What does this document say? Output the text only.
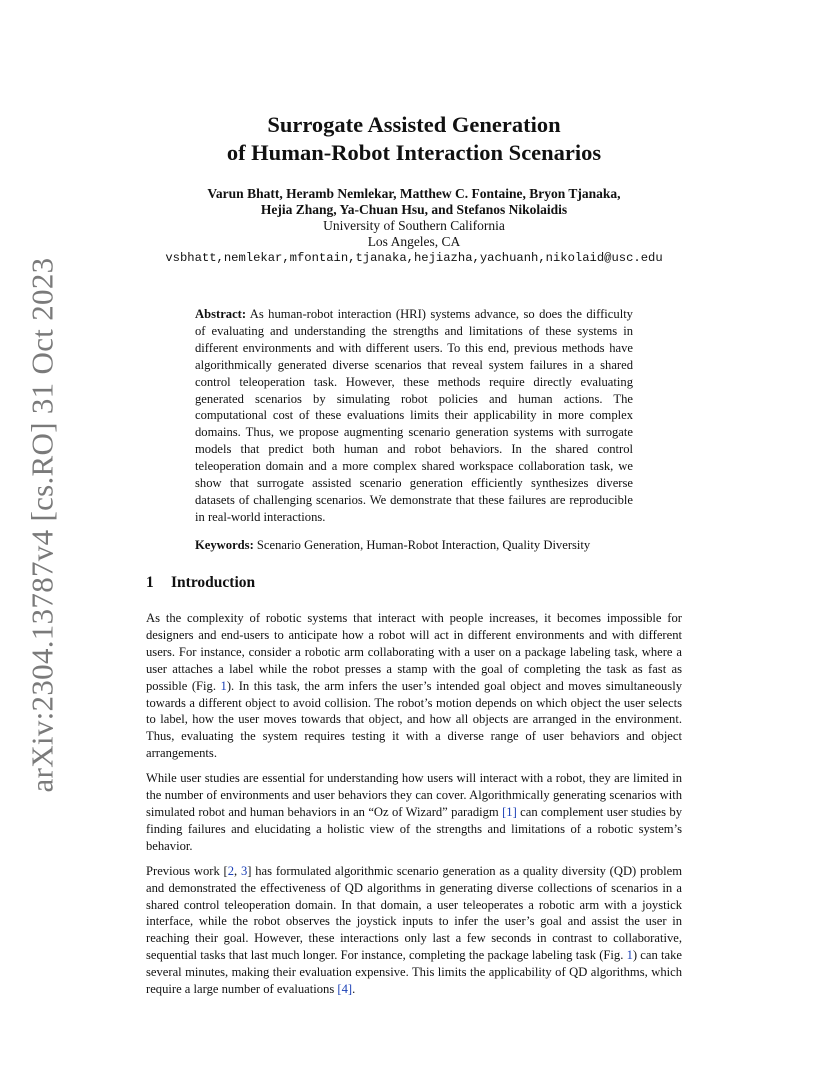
arXiv:2304.13787v4 [cs.RO] 31 Oct 2023
Surrogate Assisted Generation
of Human-Robot Interaction Scenarios
Varun Bhatt, Heramb Nemlekar, Matthew C. Fontaine, Bryon Tjanaka,
Hejia Zhang, Ya-Chuan Hsu, and Stefanos Nikolaidis
University of Southern California
Los Angeles, CA
vsbhatt,nemlekar,mfontain,tjanaka,hejiazha,yachuanh,nikolaid@usc.edu
Abstract: As human-robot interaction (HRI) systems advance, so does the difficulty of evaluating and understanding the strengths and limitations of these systems in different environments and with different users. To this end, previous methods have algorithmically generated diverse scenarios that reveal system failures in a shared control teleoperation task. However, these methods require directly evaluating generated scenarios by simulating robot policies and human actions. The computational cost of these evaluations limits their applicability in more complex domains. Thus, we propose augmenting scenario generation systems with surrogate models that predict both human and robot behaviors. In the shared control teleoperation domain and a more complex shared workspace collaboration task, we show that surrogate assisted scenario generation efficiently synthesizes diverse datasets of challenging scenarios. We demonstrate that these failures are reproducible in real-world interactions.
Keywords: Scenario Generation, Human-Robot Interaction, Quality Diversity
1 Introduction

As the complexity of robotic systems that interact with people increases, it becomes impossible for designers and end-users to anticipate how a robot will act in different environments and with different users. For instance, consider a robotic arm collaborating with a user on a package labeling task, where a user attaches a label while the robot presses a stamp with the goal of completing the task as fast as possible (Fig. 1). In this task, the arm infers the user’s intended goal object and moves simultaneously towards a different object to avoid collision. The robot’s motion depends on which object the user selects to label, how the user moves towards that object, and how all objects are arranged in the environment. Thus, evaluating the system requires testing it with a diverse range of user behaviors and object arrangements.

While user studies are essential for understanding how users will interact with a robot, they are limited in the number of environments and user behaviors they can cover. Algorithmically generating scenarios with simulated robot and human behaviors in an “Oz of Wizard” paradigm [1] can complement user studies by finding failures and elucidating a holistic view of the strengths and limitations of a robotic system’s behavior.

Previous work [2, 3] has formulated algorithmic scenario generation as a quality diversity (QD) problem and demonstrated the effectiveness of QD algorithms in generating diverse collections of scenarios in a shared control teleoperation domain. In that domain, a user teleoperates a robotic arm with a joystick interface, while the robot observes the joystick inputs to infer the user’s goal and assist the user in reaching their goal. However, these interactions only last a few seconds in contrast to collaborative, sequential tasks that last much longer. For instance, completing the package labeling task (Fig. 1) can take several minutes, making their evaluation expensive. This limits the applicability of QD algorithms, which require a large number of evaluations [4].
